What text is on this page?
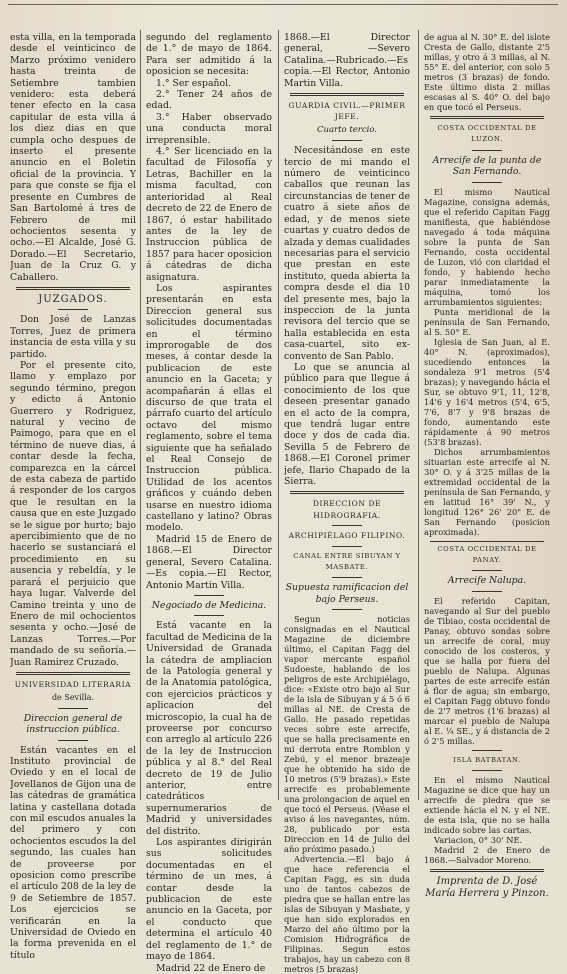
esta villa, en la temporada desde el veinticinco de Marzo próximo venidero hasta treinta de Setiembre tambien venidero: esta deberá tener efecto en la casa capitular de esta villa á los diez dias en que cumpla ocho despues de inserto el presente anuncio en el Boletin oficial de la provincia. Y para que conste se fija el presente en Cumbres de San Bartolomé á tres de Febrero de mil ochocientos sesenta y ocho.—El Alcalde, José G. Dorado.—El Secretario, Juan de la Cruz G. y Caballero.

JUZGADOS.

Don José de Lanzas Torres, Juez de primera instancia de esta villa y su partido.

Por el presente cito, llamo y emplazo por segundo término, pregon y edicto á Antonio Guerrero y Rodriguez, natural y vecino de Paimogo, para que en el término de nueve dias, á contar desde la fecha, comparezca en la cárcel de esta cabeza de partido á responder de los cargos que le resultan en la causa que en este Juzgado se le sigue por hurto; bajo apercibimiento que de no hacerlo se sustanciará el procedimiento en su ausencia y rebeldía, y le parará el perjuicio que haya lugar. Valverde del Camino treinta y uno de Enero de mil ochocientos sesenta y ocho.—José de Lanzas Torres.—Por mandado de su señoría.—Juan Ramirez Cruzado.

UNIVERSIDAD LITERARIA
de Sevilla.
Direccion general de instruccion pública.

Están vacantes en el Instituto provincial de Oviedo y en el local de Jovellanos de Gijon una de las cátedras de gramática latina y castellana dotada con mil escudos anuales la del primero y con ochocientos escudos la del segundo, las cuales han de proveerse por oposicion como prescribe el artículo 208 de la ley de 9 de Setiembre de 1857. Los ejercicios se verificarán en la Universidad de Oviedo en la forma prevenida en el título

segundo del reglamento de 1.° de mayo de 1864. Para ser admitido á la oposicion se necesita:

1.° Ser español.

2.° Tener 24 años de edad.

3.° Haber observado una conducta moral irreprensible.

4.° Ser licenciado en la facultad de Filosofía y Letras, Bachiller en la misma facultad, con anterioridad al Real decreto de 22 de Enero de 1867, ó estar habilitado antes de la ley de Instruccion pública de 1857 para hacer oposicion á cátedras de dicha asignatura.

Los aspirantes presentarán en esta Direccion general sus solicitudes documentadas en el término improrogable de dos meses, á contar desde la publicacion de este anuncio en la Gaceta; y acompañarán á ellas el discurso de que trata el párrafo cuarto del artículo octavo del mismo reglamento, sobre el tema siguiente que ha señalado el Real Consejo de Instruccion pública. Utilidad de los acentos gráficos y cuándo deben usarse en nuestro idioma castellano y latino? Obras modelo.

Madrid 15 de Enero de 1868.—El Director general, Severo Catalina.—Es copia.—El Rector, Antonio Martin Villa.

Negociado de Medicina.

Está vacante en la facultad de Medicina de la Universidad de Granada la cátedra de ampliacion de la Patología general y de la Anatomía patológica, con ejercicios prácticos y aplicacion del microscopio, la cual ha de proveerse por concurso con arreglo al artículo 226 de la ley de Instruccion pública y al 8.° del Real decreto de 19 de Julio anterior, entre catedráticos supernumerarios de Madrid y universidades del distrito.

Los aspirantes dirigirán sus solicitudes documentadas en el término de un mes, á contar desde la publicacion de este anuncio en la Gaceta, por el conducto que determina el artículo 40 del reglamento de 1.° de mayo de 1864.

Madrid 22 de Enero de

1868.—El Director general, —Severo Catalina.—Rubricado.—Es copia.—El Rector, Antonio Martin Villa.

GUARDIA CIVIL.—PRIMER JEFE.
Cuarto tercio.

Necesitándose en este tercio de mi mando el número de veinticinco caballos que reunan las circunstancias de tener de cuatro á siete años de edad, y de menos siete cuartas y cuatro dedos de alzada y demas cualidades necesarias para el servicio que prestan en este instituto, queda abierta la compra desde el dia 10 del presente mes, bajo la inspeccion de la junta revisora del tercio que se halla establecida en esta casa-cuartel, sito ex-convento de San Pablo.

Lo que se anuncia al público para que llegue á conocimiento de los que deseen presentar ganado en el acto de la compra, que tendrá lugar entre doce y dos de cada dia. Sevilla 5 de Febrero de 1868.—El Coronel primer jefe, Ilario Chapado de la Sierra.

DIRECCION DE HIDROGRAFIA.
ARCHIPIÉLAGO FILIPINO.
CANAL ENTRE SIBUYAN Y MASBATE.
Supuesta ramificacion del bajo Perseus.

Segun noticias consignadas en el Nautical Magazine de diciembre último, el Capitan Fagg del vapor mercante español Sudoeste, hablando de los peligros de este Archipiélago, dice: «Existe otro bajo al Sur de la isla de Sibuyan y á 5 ó 6 millas al NE. de Cresta de Gallo. He pasado repetidas veces sobre este arrecife, que se halla precisamente en mi derrota entre Romblon y Zebú, y el menor brazeaje que he obtenido ha sido de 10 metros (5'9 brazas).» Este arrecife es probablemente una prolongacion de aquel en que tocó el Perseus. (Véase el aviso á los navegantes, núm. 28, publicado por esta Direccion en 14 de Julio del año próximo pasado.)

Advertencia.—El bajo á que hace referencia el Capitan Fagg, es sin duda uno de tantos cabezos de piedra que se hallan entre las islas de Sibuyan y Masbate, y que han sido explorados en Marzo del año último por la Comision Hidrográfica de Filipinas. Segun estos trabajos, hay un cabezo con 8 metros (5 brazas)

de agua al N. 30° E. del islote Cresta de Gallo, distante 2'5 millas, y otro á 3 millas, al N. 55° E. del anterior, con solo 5 metros (3 brazas) de fondo. Este último dista 2 millas escasas al S. 40° O. del bajo en que tocó el Perseus.

COSTA OCCIDENTAL DE LUZON.
Arrecife de la punta de San Fernando.

El mismo Nautical Magazine, consigna además, que el referido Capitan Fagg manifiesta, que habiéndose navegado á toda máquina sobre la punta de San Fernando, costa occidental de Luzon, vió con claridad el fondo, y habiendo hecho parar inmediatamente la máquina, tomó los arrumbamientos siguientes:

Punta meridional de la península de San Fernando, al S. 50° E.

Iglesia de San Juan, al E. 40° N. (aproximados), sucediendo entonces la sondaleza 9'1 metros (5'4 brazas); y navegando hácia el Sur, se obtuvo 9'1, 11, 12'8, 14'6 y 16'4 metros (5'4, 6'5, 7'6, 8'7 y 9'8 brazas de fondo, aumentando este rápidamente á 90 metros (53'8 brazas).

Dichos arrumbamientos situarian este arrecife al N. 30° O. y á 3'25 millas de la extremidad occidental de la península de San Fernando, y en latitud 16° 39' N., y longitud 126° 26' 20" E. de San Fernando (posicion aproximada).

COSTA OCCIDENTAL DE PANAY.
Arrecife Nalupa.

El referido Capitan, navegando al Sur del pueblo de Tibiao, costa occidental de Panay, obtuvo sondas sobre un arrecife de coral, muy conocido de los costeros, y que se halla por fuera del pueblo de Nalupa. Algunas partes de este arrecife están á flor de agua; sin embargo, el Capitan Fagg obtuvo fondo de 2'7 metros (1'6 brazas) al marcar el pueblo de Nalupa al E. ¼ SE., y á distancia de 2 ó 2'5 millas.

ISLA BATBATAN.

En el mismo Nautical Magazine se dice que hay un arrecife de piedra que se extiende hácia el N. y el NE. de esta isla, que no se halla indicado sobre las cartas.

Variacion, 0° 30' NE.

Madrid 2 de Enero de 1868.—Salvador Moreno.

Imprenta de D. José María Herrera y Pinzon.
